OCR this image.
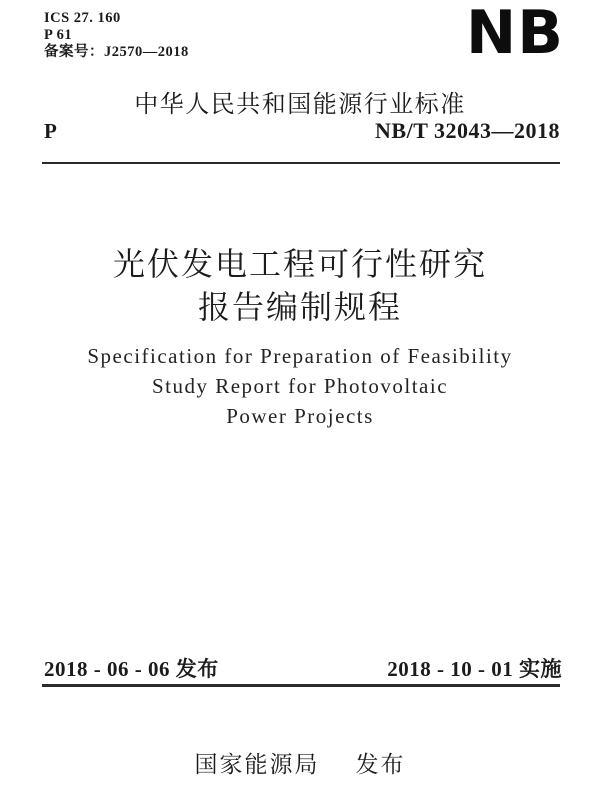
ICS 27. 160
P 61
备案号：J2570—2018	NB
中华人民共和国能源行业标准
P	NB/T 32043—2018
光伏发电工程可行性研究
报告编制规程
Specification for Preparation of Feasibility
Study Report for Photovoltaic
Power Projects
2018 - 06 - 06 发布	2018 - 10 - 01 实施
国家能源局 发布
